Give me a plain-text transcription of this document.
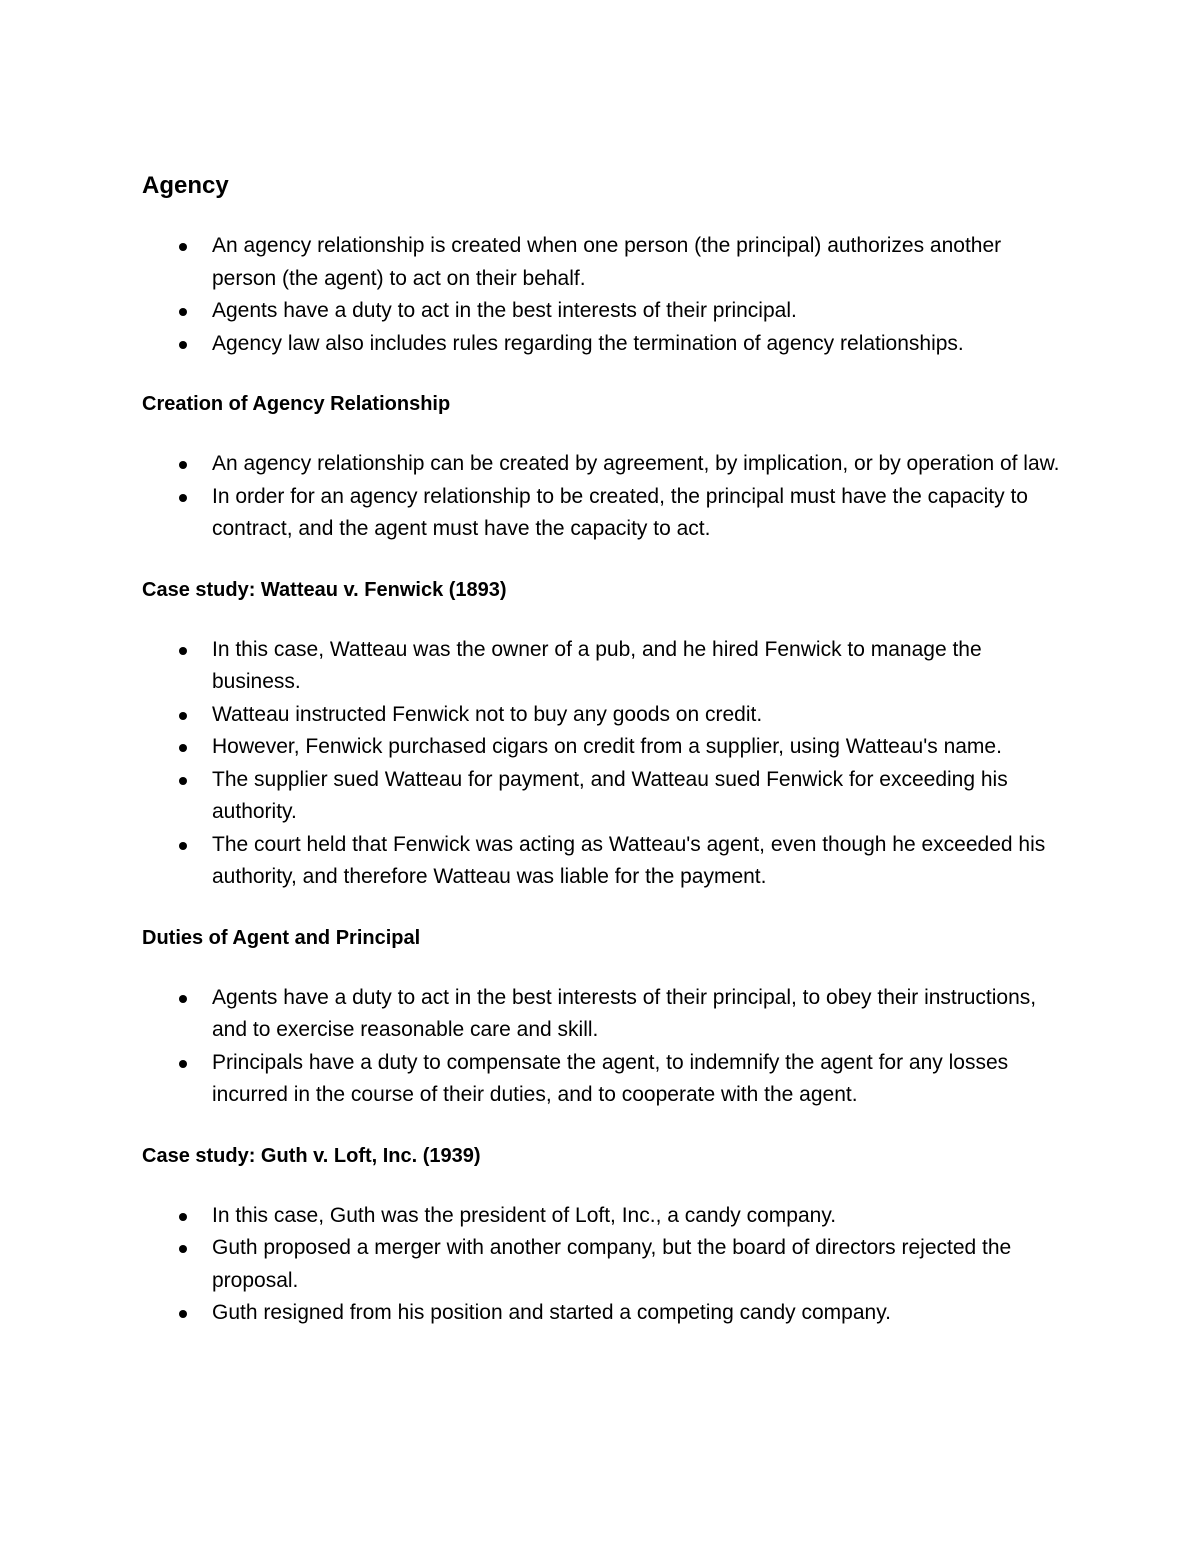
Agency
An agency relationship is created when one person (the principal) authorizes another person (the agent) to act on their behalf.
Agents have a duty to act in the best interests of their principal.
Agency law also includes rules regarding the termination of agency relationships.
Creation of Agency Relationship
An agency relationship can be created by agreement, by implication, or by operation of law.
In order for an agency relationship to be created, the principal must have the capacity to contract, and the agent must have the capacity to act.
Case study: Watteau v. Fenwick (1893)
In this case, Watteau was the owner of a pub, and he hired Fenwick to manage the business.
Watteau instructed Fenwick not to buy any goods on credit.
However, Fenwick purchased cigars on credit from a supplier, using Watteau's name.
The supplier sued Watteau for payment, and Watteau sued Fenwick for exceeding his authority.
The court held that Fenwick was acting as Watteau's agent, even though he exceeded his authority, and therefore Watteau was liable for the payment.
Duties of Agent and Principal
Agents have a duty to act in the best interests of their principal, to obey their instructions, and to exercise reasonable care and skill.
Principals have a duty to compensate the agent, to indemnify the agent for any losses incurred in the course of their duties, and to cooperate with the agent.
Case study: Guth v. Loft, Inc. (1939)
In this case, Guth was the president of Loft, Inc., a candy company.
Guth proposed a merger with another company, but the board of directors rejected the proposal.
Guth resigned from his position and started a competing candy company.
